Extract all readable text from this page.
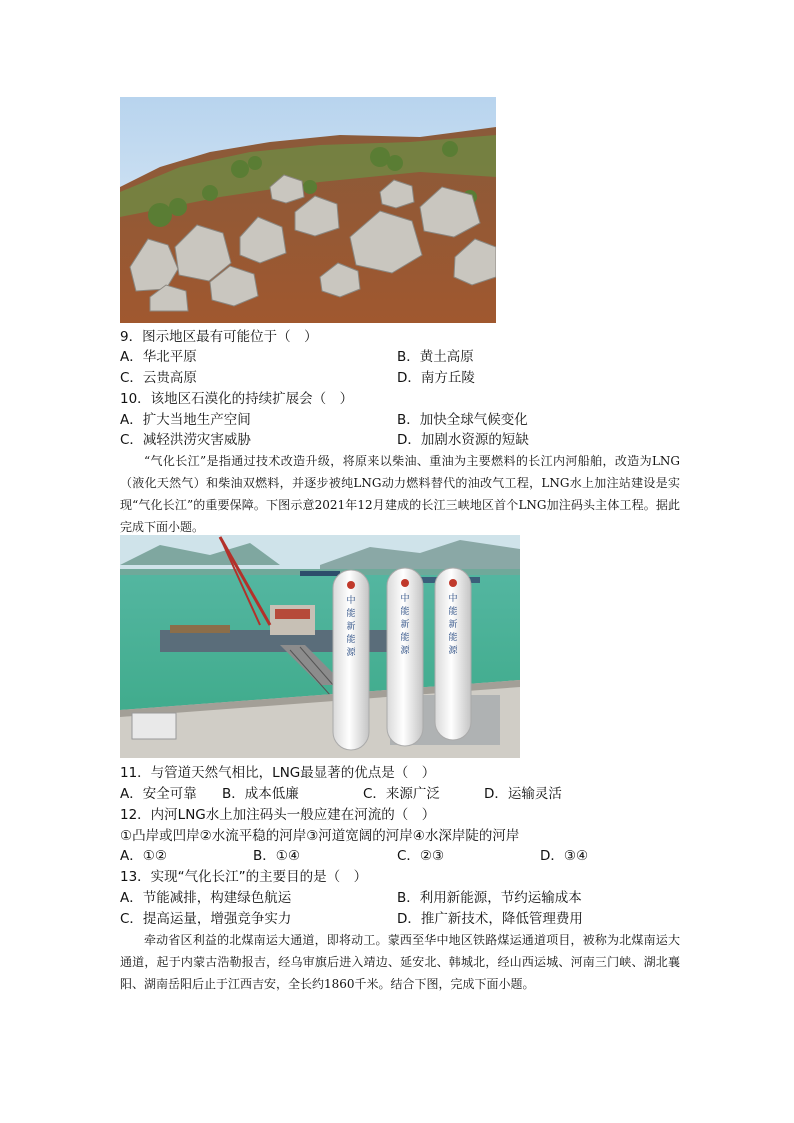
9．图示地区最有可能位于（　）
A．华北平原	B．黄土高原
C．云贵高原	D．南方丘陵
10．该地区石漠化的持续扩展会（　）
A．扩大当地生产空间	B．加快全球气候变化
C．减轻洪涝灾害威胁	D．加剧水资源的短缺

“气化长江”是指通过技术改造升级，将原来以柴油、重油为主要燃料的长江内河船舶，改造为LNG（液化天然气）和柴油双燃料，并逐步被纯LNG动力燃料替代的油改气工程，LNG水上加注站建设是实现“气化长江”的重要保障。下图示意2021年12月建成的长江三峡地区首个LNG加注码头主体工程。据此完成下面小题。

中能新能源
中能新能源
中能新能源
11．与管道天然气相比，LNG最显著的优点是（　）
A．安全可靠 B．成本低廉	C．来源广泛	D．运输灵活
12．内河LNG水上加注码头一般应建在河流的（　）
①凸岸或凹岸②水流平稳的河岸③河道宽阔的河岸④水深岸陡的河岸
A．①②	B．①④	C．②③	D．③④
13．实现“气化长江”的主要目的是（　）
A．节能减排，构建绿色航运	B．利用新能源，节约运输成本
C．提高运量，增强竞争实力	D．推广新技术，降低管理费用

牵动省区利益的北煤南运大通道，即将动工。蒙西至华中地区铁路煤运通道项目，被称为北煤南运大通道，起于内蒙古浩勒报吉，经乌审旗后进入靖边、延安北、韩城北，经山西运城、河南三门峡、湖北襄阳、湖南岳阳后止于江西吉安，全长约1860千米。结合下图，完成下面小题。
